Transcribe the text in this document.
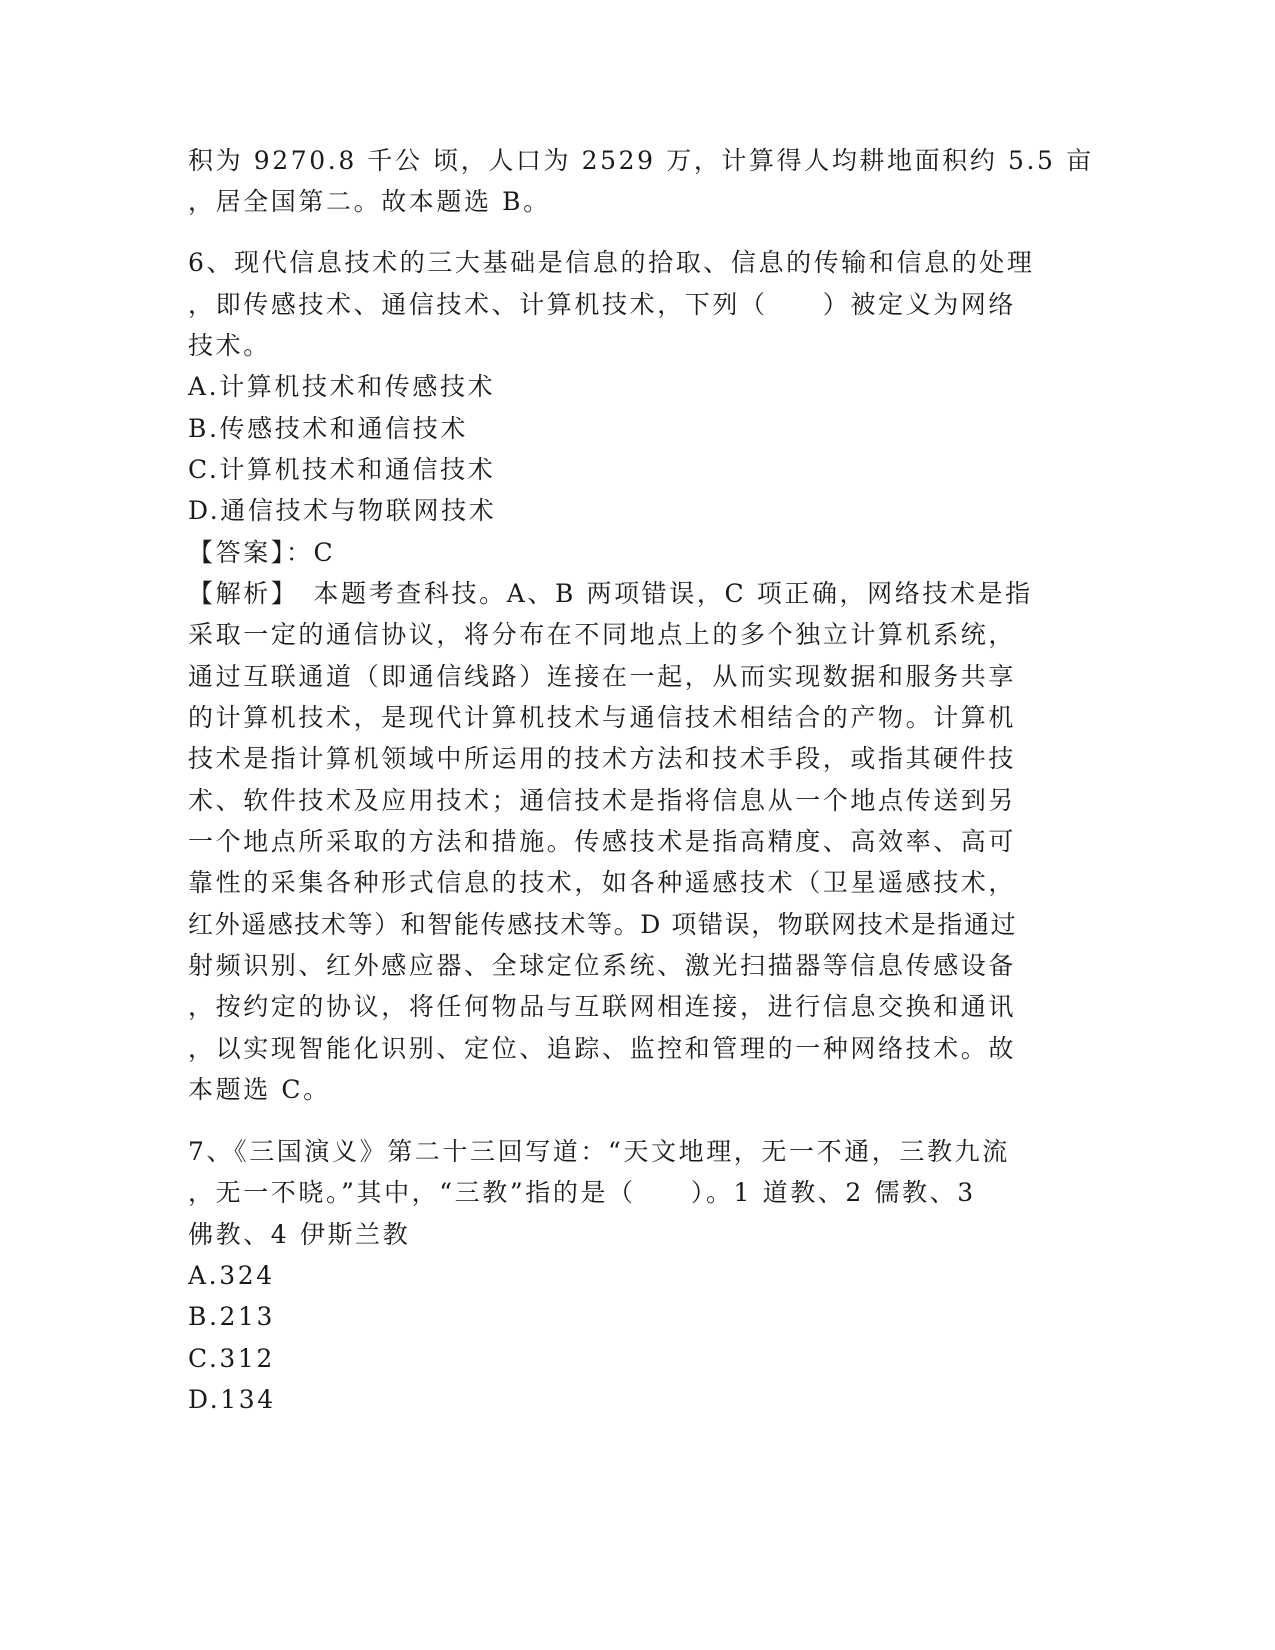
积为 9270.8 千公 顷，人口为 2529 万，计算得人均耕地面积约 5.5 亩
，居全国第二。故本题选 B。
6、现代信息技术的三大基础是信息的拾取、信息的传输和信息的处理
，即传感技术、通信技术、计算机技术，下列（　　）被定义为网络
技术。
A.计算机技术和传感技术
B.传感技术和通信技术
C.计算机技术和通信技术
D.通信技术与物联网技术
【答案】：C
【解析】　本题考查科技。A、B 两项错误，C 项正确，网络技术是指
采取一定的通信协议，将分布在不同地点上的多个独立计算机系统，
通过互联通道（即通信线路）连接在一起，从而实现数据和服务共享
的计算机技术，是现代计算机技术与通信技术相结合的产物。计算机
技术是指计算机领域中所运用的技术方法和技术手段，或指其硬件技
术、软件技术及应用技术；通信技术是指将信息从一个地点传送到另
一个地点所采取的方法和措施。传感技术是指高精度、高效率、高可
靠性的采集各种形式信息的技术，如各种遥感技术（卫星遥感技术，
红外遥感技术等）和智能传感技术等。D 项错误，物联网技术是指通过
射频识别、红外感应器、全球定位系统、激光扫描器等信息传感设备
，按约定的协议，将任何物品与互联网相连接，进行信息交换和通讯
，以实现智能化识别、定位、追踪、监控和管理的一种网络技术。故
本题选 C。
7、《三国演义》第二十三回写道：“天文地理，无一不通，三教九流
，无一不晓。”其中，“三教”指的是（　　）。1 道教、2 儒教、3
佛教、4 伊斯兰教
A.324
B.213
C.312
D.134
